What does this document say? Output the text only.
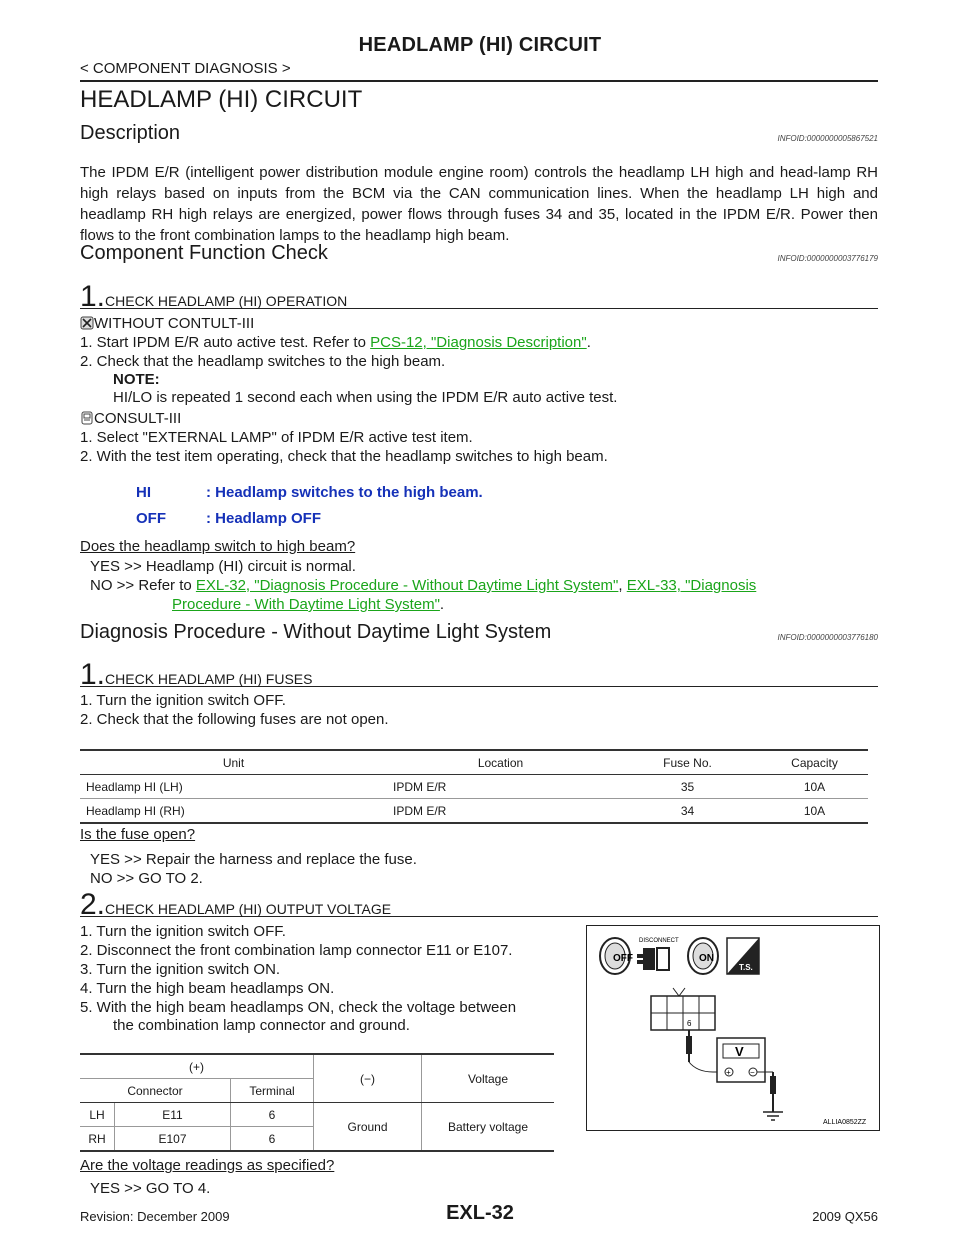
HEADLAMP (HI) CIRCUIT
< COMPONENT DIAGNOSIS >
HEADLAMP (HI) CIRCUIT
Description	INFOID:0000000005867521
The IPDM E/R (intelligent power distribution module engine room) controls the headlamp LH high and head-lamp RH high relays based on inputs from the BCM via the CAN communication lines. When the headlamp LH high and headlamp RH high relays are energized, power flows through fuses 34 and 35, located in the IPDM E/R. Power then flows to the front combination lamps to the headlamp high beam.
Component Function Check	INFOID:0000000003776179
1.CHECK HEADLAMP (HI) OPERATION
WITHOUT CONTULT-III
1. Start IPDM E/R auto active test. Refer to PCS-12, "Diagnosis Description".
2. Check that the headlamp switches to the high beam.
NOTE:
HI/LO is repeated 1 second each when using the IPDM E/R auto active test.
CONSULT-III
1. Select "EXTERNAL LAMP" of IPDM E/R active test item.
2. With the test item operating, check that the headlamp switches to high beam.
HI	: Headlamp switches to the high beam.
OFF	: Headlamp OFF
Does the headlamp switch to high beam?
YES >> Headlamp (HI) circuit is normal.
NO >> Refer to EXL-32, "Diagnosis Procedure - Without Daytime Light System", EXL-33, "Diagnosis
Procedure - With Daytime Light System".
Diagnosis Procedure - Without Daytime Light System	INFOID:0000000003776180
1.CHECK HEADLAMP (HI) FUSES
1. Turn the ignition switch OFF.
2. Check that the following fuses are not open.
Unit	Location	Fuse No.	Capacity
Headlamp HI (LH)	IPDM E/R	35	10A
Headlamp HI (RH)	IPDM E/R	34	10A
Is the fuse open?
YES >> Repair the harness and replace the fuse.
NO >> GO TO 2.
2.CHECK HEADLAMP (HI) OUTPUT VOLTAGE
1. Turn the ignition switch OFF.
2. Disconnect the front combination lamp connector E11 or E107.
3. Turn the ignition switch ON.
4. Turn the high beam headlamps ON.
5. With the high beam headlamps ON, check the voltage between
the combination lamp connector and ground.
(+)			(−)	Voltage
Connector		Terminal		
LH	E11	6	Ground	Battery voltage
RH	E107	6		
Are the voltage readings as specified?
YES >> GO TO 4.
OFF
DISCONNECT
ON
T.S.
6
V
+ −
ALLIA0852ZZ
Revision: December 2009	EXL-32	2009 QX56
